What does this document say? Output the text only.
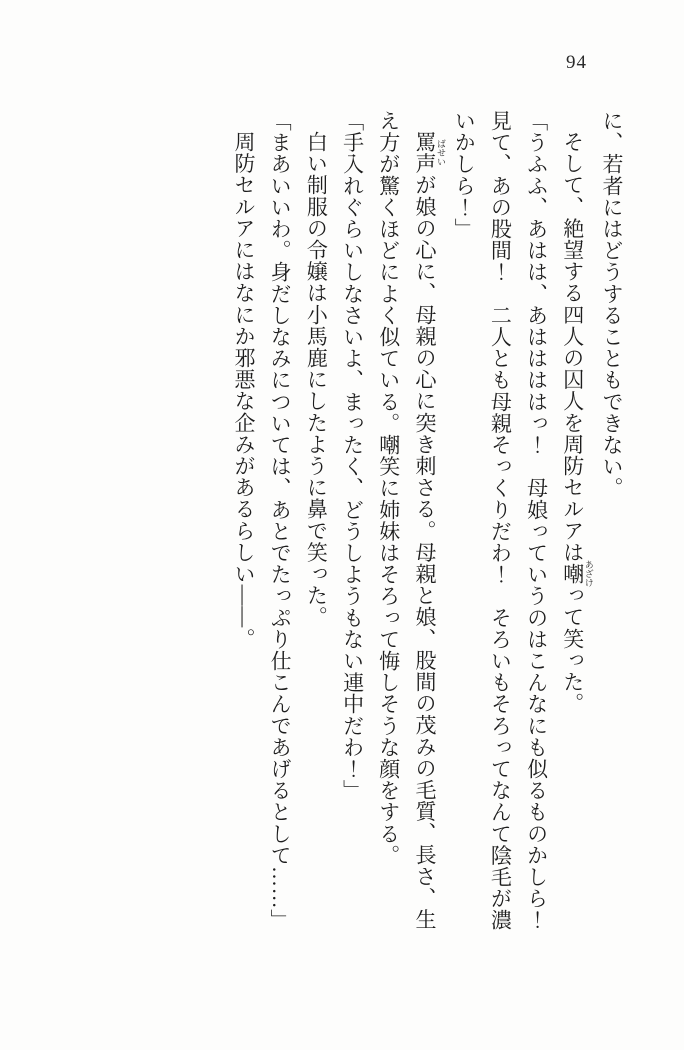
94

に、若者にはどうすることもできない。

そして、絶望する四人の囚人を周防セルアは嘲 あざけって笑った。

「うふふ、あはは、あははははっ！　母娘っていうのはこんなにも似るものかしら！

見て、あの股間！　二人とも母親そっくりだわ！　そろいもそろってなんて陰毛が濃

いかしら！」

罵声 ばせいが娘の心に、母親の心に突き刺さる。母親と娘、股間の茂みの毛質、長さ、生

え方が驚くほどによく似ている。嘲笑に姉妹はそろって悔しそうな顔をする。

「手入れぐらいしなさいよ、まったく、どうしようもない連中だわ！」

白い制服の令嬢は小馬鹿にしたように鼻で笑った。

「まあいいわ。身だしなみについては、あとでたっぷり仕こんであげるとして……」

周防セルアにはなにか邪悪な企みがあるらしい――。
